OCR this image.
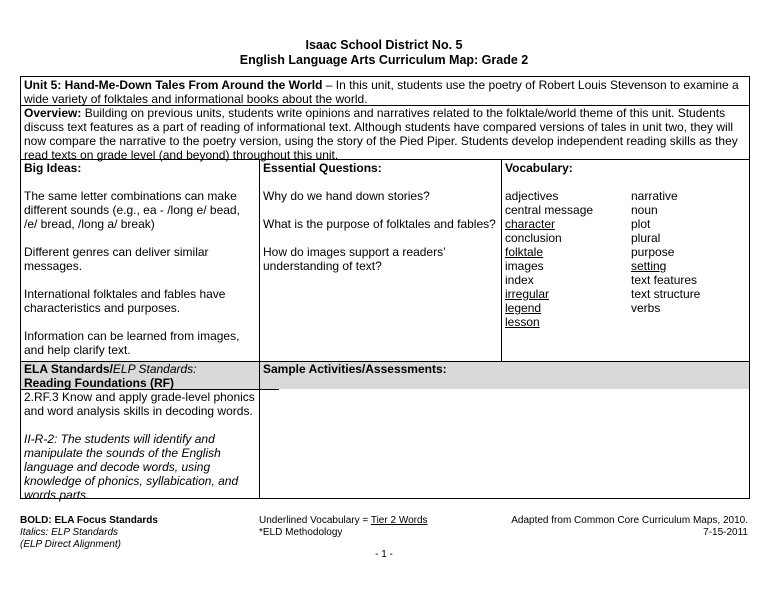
Isaac School District No. 5
English Language Arts Curriculum Map: Grade 2
Unit 5: Hand-Me-Down Tales From Around the World – In this unit, students use the poetry of Robert Louis Stevenson to examine a wide variety of folktales and informational books about the world.
Overview: Building on previous units, students write opinions and narratives related to the folktale/world theme of this unit. Students discuss text features as a part of reading of informational text. Although students have compared versions of tales in unit two, they will now compare the narrative to the poetry version, using the story of the Pied Piper. Students develop independent reading skills as they read texts on grade level (and beyond) throughout this unit.

Big Ideas:

The same letter combinations can make different sounds (e.g., ea - /long e/ bead, /e/ bread, /long a/ break)

Different genres can deliver similar messages.

International folktales and fables have characteristics and purposes.

Information can be learned from images, and help clarify text.

Essential Questions:

Why do we hand down stories?

What is the purpose of folktales and fables?

How do images support a readers’ understanding of text?

Vocabulary:

adjectives

central message

character

conclusion

folktale

images

index

irregular

legend

lesson

narrative

noun

plot

plural

purpose

setting

text features

text structure

verbs

ELA Standards/ELP Standards:

Reading Foundations (RF)

Sample Activities/Assessments:

2.RF.3 Know and apply grade-level phonics and word analysis skills in decoding words.

II-R-2: The students will identify and manipulate the sounds of the English language and decode words, using knowledge of phonics, syllabication, and words parts.

BOLD: ELA Focus Standards

Italics: ELP Standards

(ELP Direct Alignment)

Underlined Vocabulary = Tier 2 Words

*ELD Methodology

Adapted from Common Core Curriculum Maps, 2010.

7-15-2011

- 1 -
